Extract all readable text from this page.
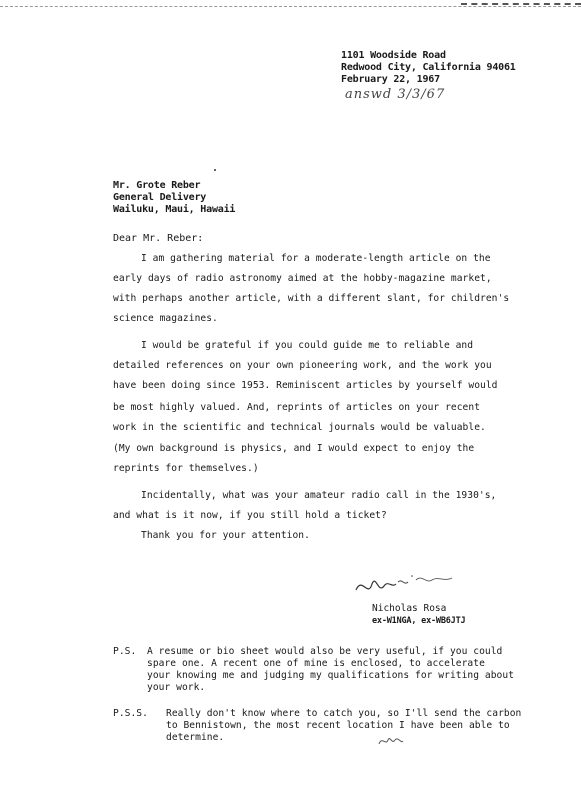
1101 Woodside Road
Redwood City, California 94061
February 22, 1967
answd 3/3/67
Mr. Grote Reber
General Delivery
Wailuku, Maui, Hawaii
Dear Mr. Reber:
I am gathering material for a moderate-length article on the
early days of radio astronomy aimed at the hobby-magazine market,
with perhaps another article, with a different slant, for children's
science magazines.
I would be grateful if you could guide me to reliable and
detailed references on your own pioneering work, and the work you
have been doing since 1953. Reminiscent articles by yourself would
be most highly valued. And, reprints of articles on your recent
work in the scientific and technical journals would be valuable.
(My own background is physics, and I would expect to enjoy the
reprints for themselves.)
Incidentally, what was your amateur radio call in the 1930's,
and what is it now, if you still hold a ticket?
Thank you for your attention.
Nicholas Rosa
ex-W1NGA, ex-WB6JTJ
P.S. A resume or bio sheet would also be very useful, if you could
spare one. A recent one of mine is enclosed, to accelerate
your knowing me and judging my qualifications for writing about
your work.
P.S.S. Really don't know where to catch you, so I'll send the carbon
to Bennistown, the most recent location I have been able to
determine.
